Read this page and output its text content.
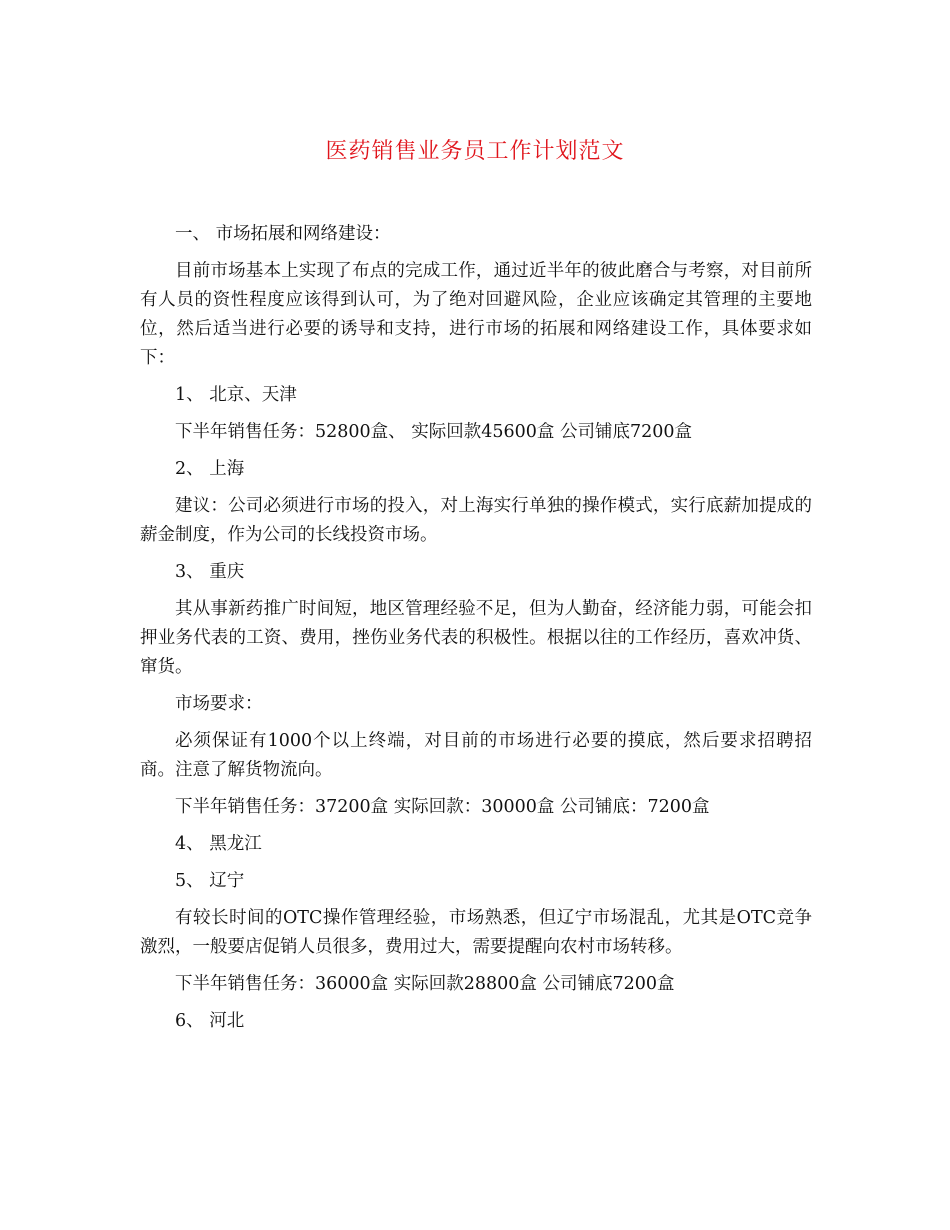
医药销售业务员工作计划范文

一、 市场拓展和网络建设：

目前市场基本上实现了布点的完成工作，通过近半年的彼此磨合与考察，对目前所有人员的资性程度应该得到认可，为了绝对回避风险，企业应该确定其管理的主要地位，然后适当进行必要的诱导和支持，进行市场的拓展和网络建设工作，具体要求如下：

1、 北京、天津

下半年销售任务：52800盒、 实际回款45600盒 公司铺底7200盒

2、 上海

建议：公司必须进行市场的投入，对上海实行单独的操作模式，实行底薪加提成的薪金制度，作为公司的长线投资市场。

3、 重庆

其从事新药推广时间短，地区管理经验不足，但为人勤奋，经济能力弱，可能会扣押业务代表的工资、费用，挫伤业务代表的积极性。根据以往的工作经历，喜欢冲货、窜货。

市场要求：

必须保证有1000个以上终端，对目前的市场进行必要的摸底，然后要求招聘招商。注意了解货物流向。

下半年销售任务：37200盒 实际回款：30000盒 公司铺底：7200盒

4、 黑龙江

5、 辽宁

有较长时间的OTC操作管理经验，市场熟悉，但辽宁市场混乱，尤其是OTC竞争激烈，一般要店促销人员很多，费用过大，需要提醒向农村市场转移。

下半年销售任务：36000盒 实际回款28800盒 公司铺底7200盒

6、 河北
